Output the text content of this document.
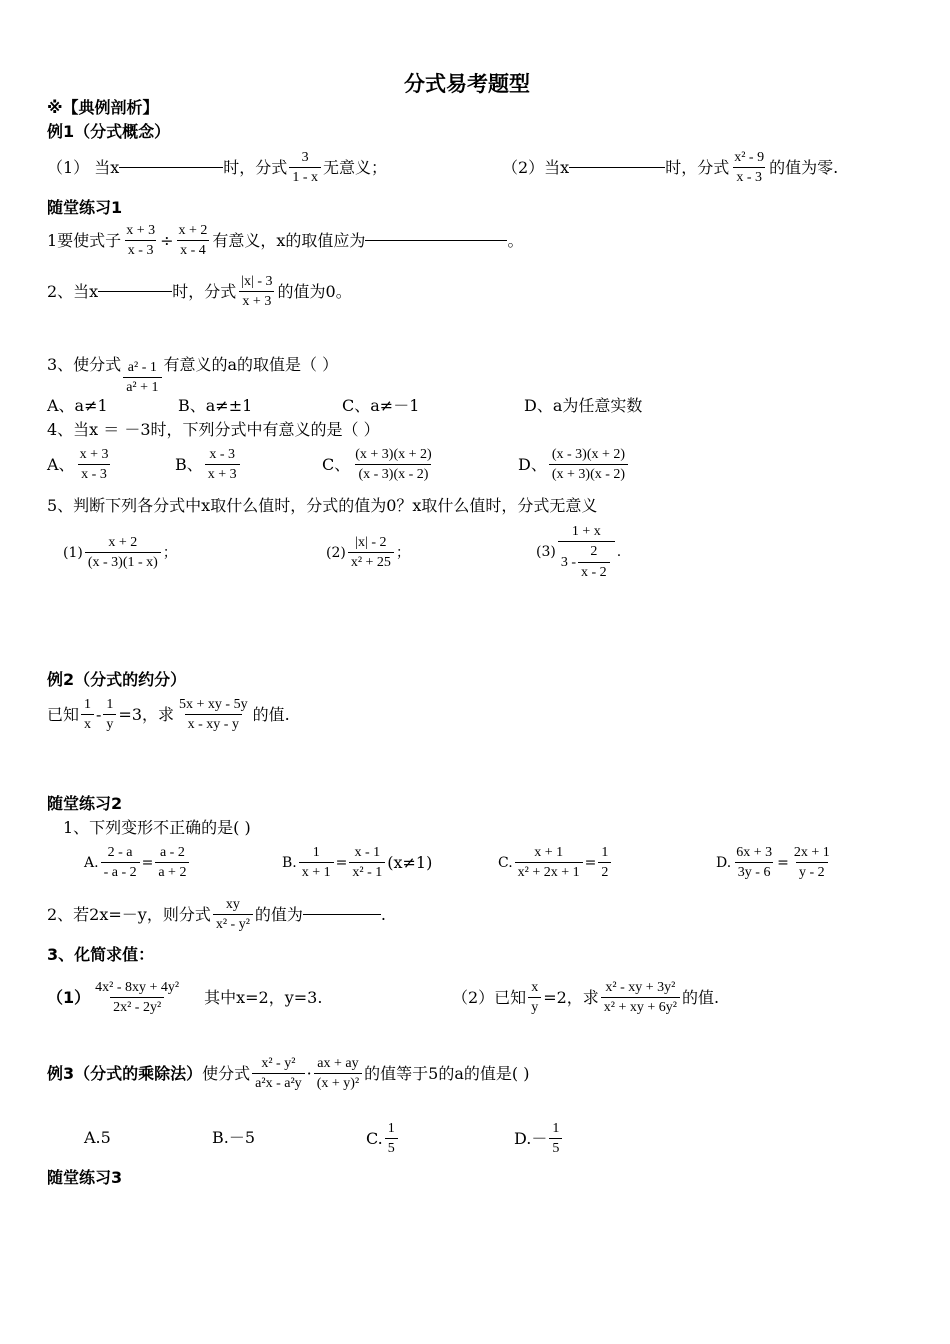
分式易考题型
※【典例剖析】
例1（分式概念）
（1） 当x	时，分式 $\frac{3}{1 - x}$ 无意义；	（2）当x	时，分式 $\frac{\text{x² - 9}}{x - 3}$ 的值为零.
随堂练习1
1要使式子 $\frac{x + 3}{x - 3} \div \frac{x + 2}{x - 4}$ 有意义，x的取值应为	。
2、当x	时，分式 $\frac{|x| - 3}{x + 3}$ 的值为0。
3、使分式 $\frac{\text{a² - 1}}{\text{a² + 1}}$ 有意义的a的取值是（ ）
A、a≠1	B、a≠±1	C、a≠－1	D、a为任意实数
4、当x ＝ －3时，下列分式中有意义的是（ ）
A、 $\frac{x + 3}{x - 3}$	B、 $\frac{x - 3}{x + 3}$	C、 $\frac{(x + 3)(x + 2)}{(x - 3)(x - 2)}$	D、 $\frac{(x - 3)(x + 2)}{(x + 3)(x - 2)}$
5、判断下列各分式中x取什么值时，分式的值为0？x取什么值时，分式无意义
$(1) \frac{x + 2}{(x - 3)(1 - x)}$ ；	$(2) \frac{|x| - 2}{\text{x² + 25}}$ ；	$(3) \frac{1 + x}{3 - \frac{2}{x - 2}}$ .
例2（分式的约分）
已知 $\frac{1}{x} - \frac{1}{y} =3$，求 $\frac{5x + xy - 5y}{x - xy - y}$ 的值.
随堂练习2
1、下列变形不正确的是( )
A. $\frac{2 - a}{- a - 2} = \frac{a - 2}{a + 2}$	B. $\frac{1}{x + 1} = \frac{x - 1}{\text{x² - 1}} (x\ne 1)$	C. $\frac{x + 1}{\text{x² + 2x + 1}} = \frac{1}{2}$	D. $\frac{6x + 3}{3y - 6} = \frac{2x + 1}{y - 2}$
2、若2x=－y，则分式 $\frac{xy}{\text{x² - y²}}$ 的值为	.
3、化简求值：
$(1) \frac{\text{4x² - 8xy + 4y²}}{\text{2x² - 2y²}}$ 其中x=2，y=3.	（2）已知 $\frac{x}{y} =2$，求 $\frac{\text{x² - xy + 3y²}}{\text{x² + xy + 6y²}}$ 的值.
例3（分式的乘除法） 使分式 $\frac{\text{x² - y²}}{\text{a²x - a²y}} \cdot \frac{ax + ay}{\text{(x + y)²}}$ 的值等于5的a的值是( )
A.5	B.－5	C. $\frac{1}{5}$	$D.- \frac{1}{5}$
随堂练习3
